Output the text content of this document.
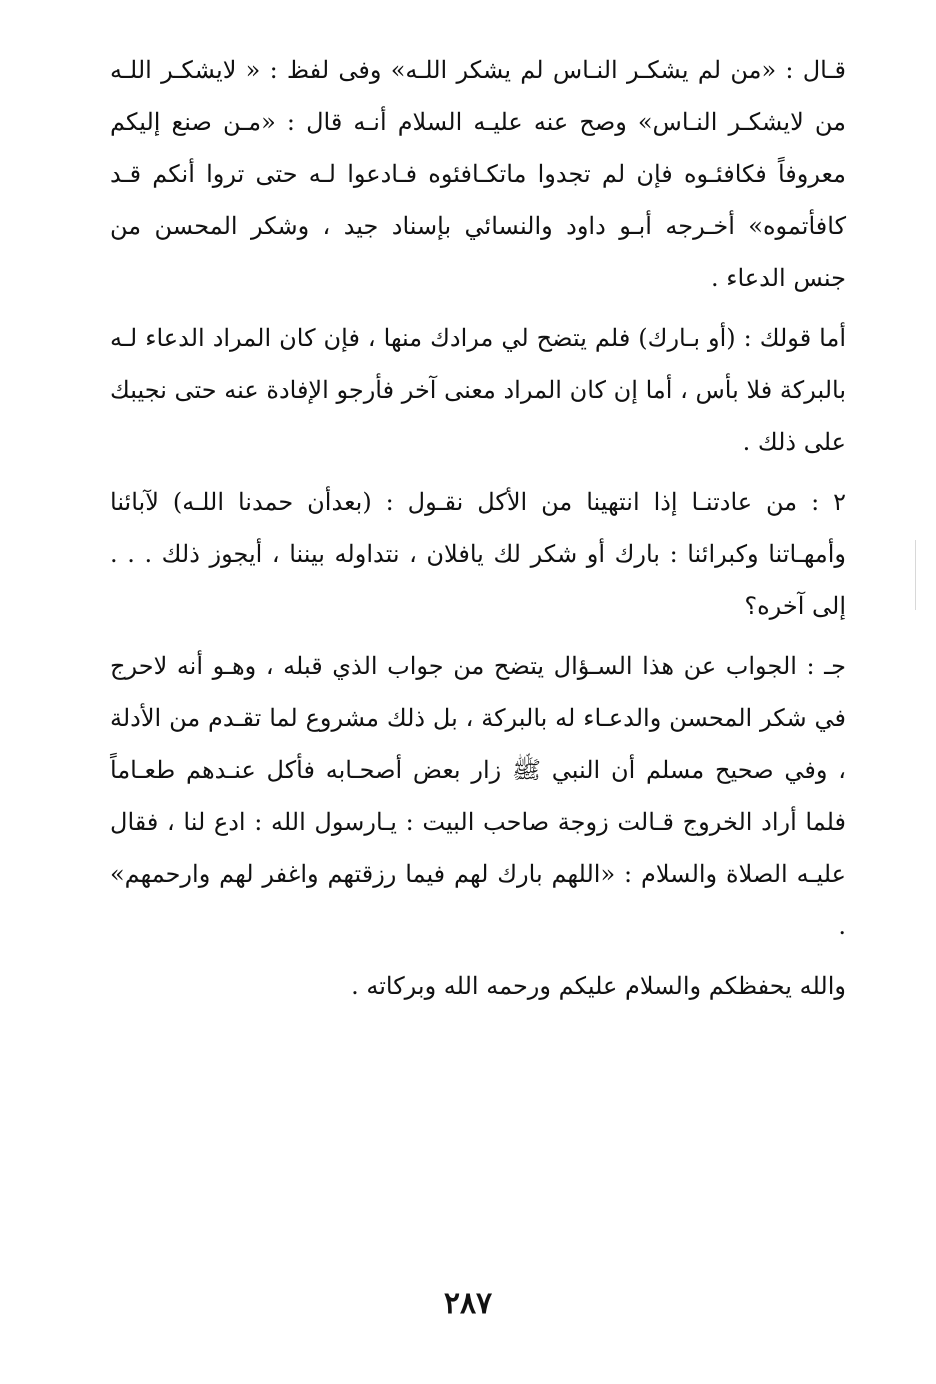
قـال : «من لم يشكـر النـاس لم يشكر اللـه» وفى لفظ : « لايشكـر اللـه من لايشكـر النـاس» وصح عنه عليـه السلام أنـه قال : «مـن صنع إليكم معروفاً فكافئـوه فإن لم تجدوا ماتكـافئوه فـادعوا لـه حتى تروا أنكم قـد كافأتموه» أخـرجه أبـو داود والنسائي بإسناد جيد ، وشكر المحسن من جنس الدعاء .

أما قولك : (أو بـارك) فلم يتضح لي مرادك منها ، فإن كان المراد الدعاء لـه بالبركة فلا بأس ، أما إن كان المراد معنى آخر فأرجو الإفادة عنه حتى نجيبك على ذلك .

٢ : من عادتنـا إذا انتهينا من الأكل نقـول : (بعدأن حمدنا اللـه) لآبائنا وأمهـاتنا وكبرائنا : بارك أو شكر لك يافلان ، نتداوله بيننا ، أيجوز ذلك . . . إلى آخره؟

جـ : الجواب عن هذا السـؤال يتضح من جواب الذي قبله ، وهـو أنه لاحرج في شكر المحسن والدعـاء له بالبركة ، بل ذلك مشروع لما تقـدم من الأدلة ، وفي صحيح مسلم أن النبي ﷺ زار بعض أصحـابه فأكل عنـدهم طعـاماً فلما أراد الخروج قـالت زوجة صاحب البيت : يـارسول الله : ادع لنا ، فقال عليـه الصلاة والسلام : «اللهم بارك لهم فيما رزقتهم واغفر لهم وارحمهم» .

والله يحفظكم والسلام عليكم ورحمه الله وبركاته .

٢٨٧
